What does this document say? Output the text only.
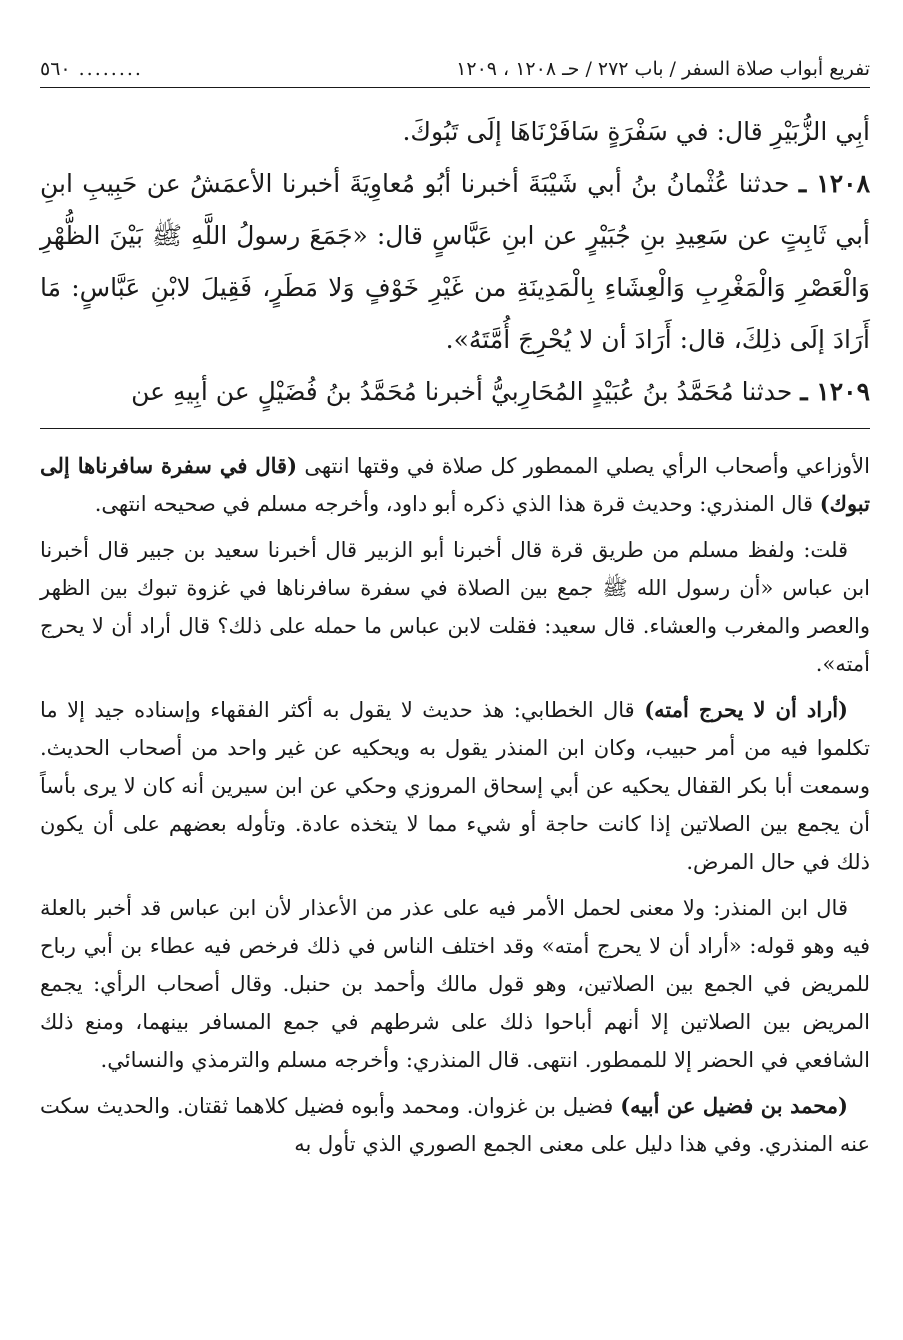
تفريع أبواب صلاة السفر / باب ٢٧٢ / حـ ١٢٠٨ ، ١٢٠٩
........
٥٦٠

أبِي الزُّبَيْرِ قال: في سَفْرَةٍ سَافَرْنَاهَا إلَى تَبُوكَ.

١٢٠٨ ـ حدثنا عُثْمانُ بنُ أبي شَيْبَةَ أخبرنا أبُو مُعاوِيَةَ أخبرنا الأعمَشُ عن حَبِيبِ ابنِ أبي ثَابِتٍ عن سَعِيدِ بنِ جُبَيْرٍ عن ابنِ عَبَّاسٍ قال: «جَمَعَ رسولُ اللَّهِ ﷺ بَيْنَ الظُّهْرِ وَالْعَصْرِ وَالْمَغْرِبِ وَالْعِشَاءِ بِالْمَدِينَةِ من غَيْرِ خَوْفٍ وَلا مَطَرٍ، فَقِيلَ لابْنِ عَبَّاسٍ: مَا أَرَادَ إلَى ذلِكَ، قال: أَرَادَ أن لا يُحْرِجَ أُمَّتَهُ».

١٢٠٩ ـ حدثنا مُحَمَّدُ بنُ عُبَيْدٍ المُحَارِبيُّ أخبرنا مُحَمَّدُ بنُ فُضَيْلٍ عن أبِيهِ عن

الأوزاعي وأصحاب الرأي يصلي الممطور كل صلاة في وقتها انتهى (قال في سفرة سافرناها إلى تبوك) قال المنذري: وحديث قرة هذا الذي ذكره أبو داود، وأخرجه مسلم في صحيحه انتهى.

قلت: ولفظ مسلم من طريق قرة قال أخبرنا أبو الزبير قال أخبرنا سعيد بن جبير قال أخبرنا ابن عباس «أن رسول الله ﷺ جمع بين الصلاة في سفرة سافرناها في غزوة تبوك بين الظهر والعصر والمغرب والعشاء. قال سعيد: فقلت لابن عباس ما حمله على ذلك؟ قال أراد أن لا يحرج أمته».

(أراد أن لا يحرج أمته) قال الخطابي: هذ حديث لا يقول به أكثر الفقهاء وإسناده جيد إلا ما تكلموا فيه من أمر حبيب، وكان ابن المنذر يقول به ويحكيه عن غير واحد من أصحاب الحديث. وسمعت أبا بكر القفال يحكيه عن أبي إسحاق المروزي وحكي عن ابن سيرين أنه كان لا يرى بأساً أن يجمع بين الصلاتين إذا كانت حاجة أو شيء مما لا يتخذه عادة. وتأوله بعضهم على أن يكون ذلك في حال المرض.

قال ابن المنذر: ولا معنى لحمل الأمر فيه على عذر من الأعذار لأن ابن عباس قد أخبر بالعلة فيه وهو قوله: «أراد أن لا يحرج أمته» وقد اختلف الناس في ذلك فرخص فيه عطاء بن أبي رباح للمريض في الجمع بين الصلاتين، وهو قول مالك وأحمد بن حنبل. وقال أصحاب الرأي: يجمع المريض بين الصلاتين إلا أنهم أباحوا ذلك على شرطهم في جمع المسافر بينهما، ومنع ذلك الشافعي في الحضر إلا للممطور. انتهى. قال المنذري: وأخرجه مسلم والترمذي والنسائي.

(محمد بن فضيل عن أبيه) فضيل بن غزوان. ومحمد وأبوه فضيل كلاهما ثقتان. والحديث سكت عنه المنذري. وفي هذا دليل على معنى الجمع الصوري الذي تأول به
